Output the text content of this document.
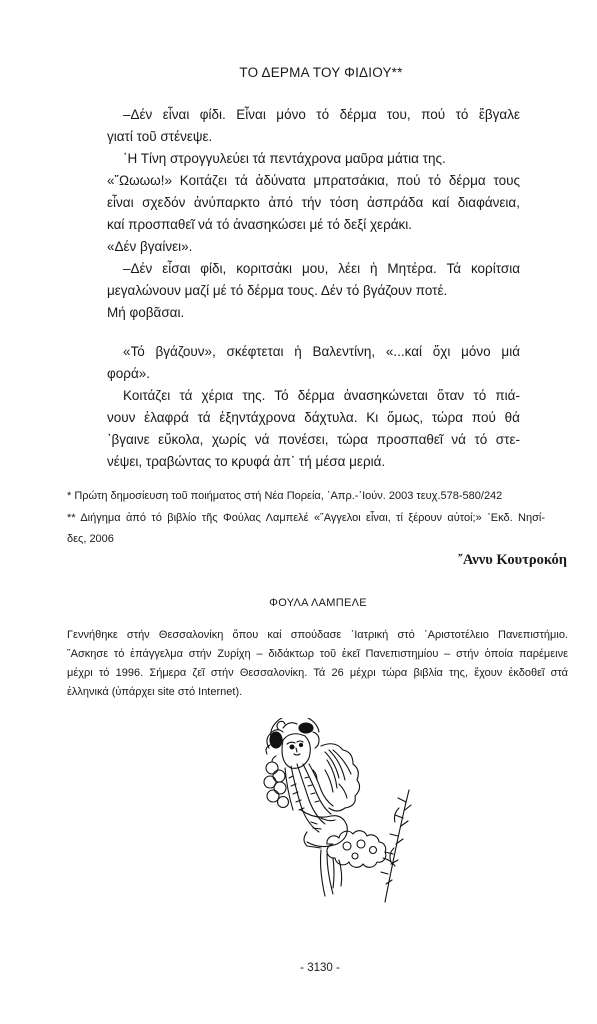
ΤΟ ΔΕΡΜΑ ΤΟΥ ΦΙΔΙΟΥ**
–Δέν εἶναι φίδι. Εἶναι μόνο τό δέρμα του, πού τό ἔβγαλε
γιατί τοῦ στένεψε.
῾Η Τίνη στρογγυλεύει τά πεντάχρονα μαῦρα μάτια της.
«῎Ωωωω!» Κοιτάζει τά ἀδύνατα μπρατσάκια, πού τό δέρμα τους
εἶναι σχεδόν ἀνύπαρκτο ἀπό τήν τόση ἀσπράδα καί διαφάνεια,
καί προσπαθεῖ νά τό ἀνασηκώσει μέ τό δεξί χεράκι.
«Δέν βγαίνει».
–Δέν εἶσαι φίδι, κοριτσάκι μου, λέει ἡ Μητέρα. Τά κορίτσια
μεγαλώνουν μαζί μέ τό δέρμα τους. Δέν τό βγάζουν ποτέ.
Μή φοβᾶσαι.
«Τό βγάζουν», σκέφτεται ἡ Βαλεντίνη, «...καί ὄχι μόνο μιά
φορά».
Κοιτάζει τά χέρια της. Τό δέρμα ἀνασηκώνεται ὅταν τό πιά-
νουν ἐλαφρά τά ἑξηντάχρονα δάχτυλα. Κι ὅμως, τώρα πού θά
᾿βγαινε εὔκολα, χωρίς νά πονέσει, τώρα προσπαθεῖ νά τό στε-
νέψει, τραβώντας το κρυφά ἀπ᾿ τή μέσα μεριά.
* Πρώτη δημοσίευση τοῦ ποιήματος στή Νέα Πορεία, ᾿Απρ.-᾿Ιούν. 2003 τευχ.578-580/242
** Διήγημα ἀπό τό βιβλίο τῆς Φούλας Λαμπελέ «῞Αγγελοι εἶναι, τί ξέρουν αὐτοί;» ᾿Εκδ. Νησί-
δες, 2006
῎Αννυ Κουτροκόη
ΦΟΥΛΑ ΛΑΜΠΕΛΕ
Γεννήθηκε στήν Θεσσαλονίκη ὅπου καί σπούδασε ᾿Ιατρική στό ᾿Αριστοτέλειο Πανεπιστήμιο.
῎Ασκησε τό ἐπάγγελμα στήν Ζυρίχη – διδάκτωρ τοῦ ἐκεῖ Πανεπιστημίου – στήν ὁποία παρέμεινε
μέχρι τό 1996. Σήμερα ζεῖ στήν Θεσσαλονίκη. Τά 26 μέχρι τώρα βιβλία της, ἔχουν ἐκδοθεῖ στά
ἑλληνικά (ὑπάρχει site στό Internet).
- 3130 -
